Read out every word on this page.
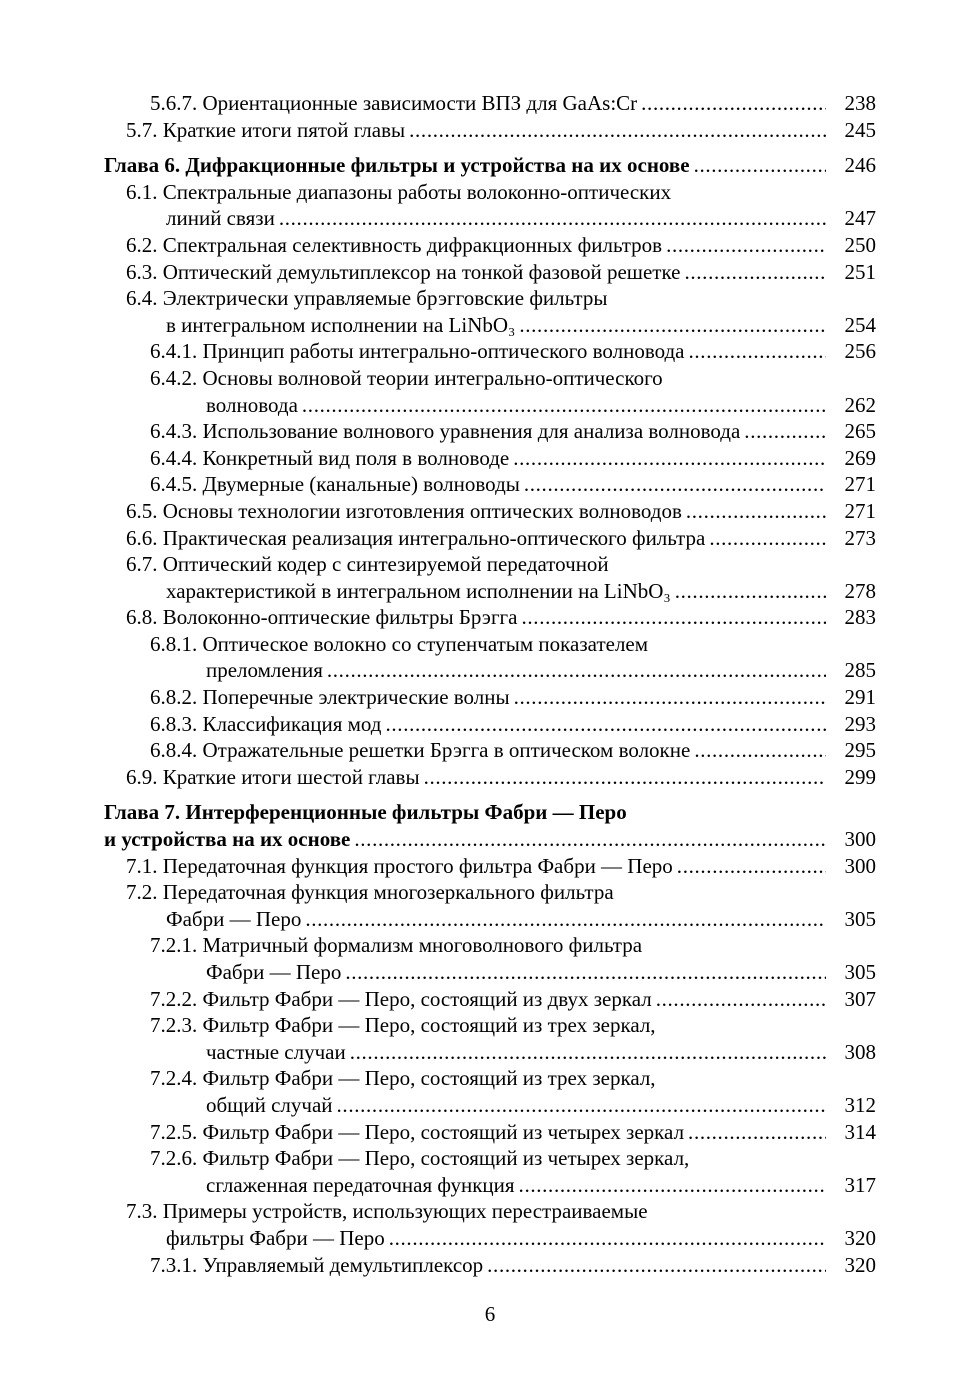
5.6.7. Ориентационные зависимости ВПЗ для GaAs:Cr . . .	238
5.7. Краткие итоги пятой главы . . .	245
Глава 6. Дифракционные фильтры и устройства на их основе . . .	246
6.1. Спектральные диапазоны работы волоконно-оптических
линий связи . . .	247
6.2. Спектральная селективность дифракционных фильтров . . .	250
6.3. Оптический демультиплексор на тонкой фазовой решетке . . .	251
6.4. Электрически управляемые брэгговские фильтры
в интегральном исполнении на LiNbO₃ . . .	254
6.4.1. Принцип работы интегрально-оптического волновода . . .	256
6.4.2. Основы волновой теории интегрально-оптического
волновода . . .	262
6.4.3. Использование волнового уравнения для анализа волновода . . .	265
6.4.4. Конкретный вид поля в волноводе . . .	269
6.4.5. Двумерные (канальные) волноводы . . .	271
6.5. Основы технологии изготовления оптических волноводов . . .	271
6.6. Практическая реализация интегрально-оптического фильтра . . .	273
6.7. Оптический кодер с синтезируемой передаточной
характеристикой в интегральном исполнении на LiNbO₃ . . .	278
6.8. Волоконно-оптические фильтры Брэгга . . .	283
6.8.1. Оптическое волокно со ступенчатым показателем
преломления . . .	285
6.8.2. Поперечные электрические волны . . .	291
6.8.3. Классификация мод . . .	293
6.8.4. Отражательные решетки Брэгга в оптическом волокне . . .	295
6.9. Краткие итоги шестой главы . . .	299
Глава 7. Интерференционные фильтры Фабри — Перо
и устройства на их основе . . .	300
7.1. Передаточная функция простого фильтра Фабри — Перо . . .	300
7.2. Передаточная функция многозеркального фильтра
Фабри — Перо . . .	305
7.2.1. Матричный формализм многоволнового фильтра
Фабри — Перо . . .	305
7.2.2. Фильтр Фабри — Перо, состоящий из двух зеркал . . .	307
7.2.3. Фильтр Фабри — Перо, состоящий из трех зеркал,
частные случаи . . .	308
7.2.4. Фильтр Фабри — Перо, состоящий из трех зеркал,
общий случай . . .	312
7.2.5. Фильтр Фабри — Перо, состоящий из четырех зеркал . . .	314
7.2.6. Фильтр Фабри — Перо, состоящий из четырех зеркал,
сглаженная передаточная функция . . .	317
7.3. Примеры устройств, использующих перестраиваемые
фильтры Фабри — Перо . . .	320
7.3.1. Управляемый демультиплексор . . .	320
6
